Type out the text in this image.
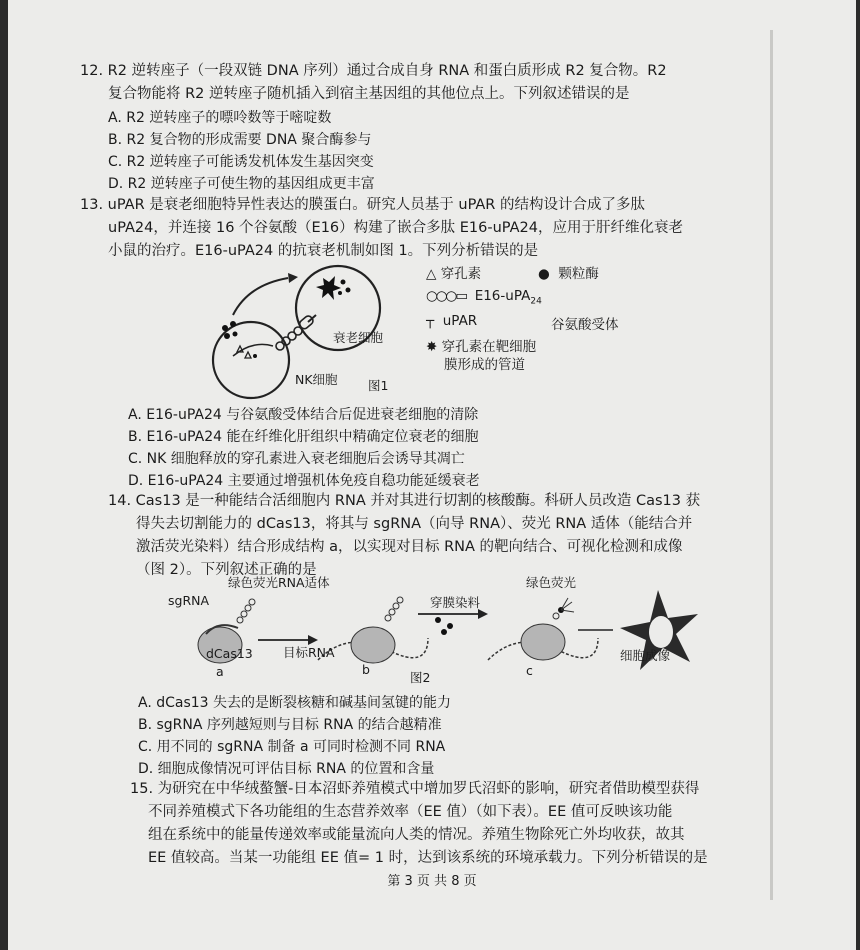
12. R2 逆转座子（一段双链 DNA 序列）通过合成自身 RNA 和蛋白质形成 R2 复合物。R2
复合物能将 R2 逆转座子随机插入到宿主基因组的其他位点上。下列叙述错误的是
A. R2 逆转座子的嘌呤数等于嘧啶数
B. R2 复合物的形成需要 DNA 聚合酶参与
C. R2 逆转座子可能诱发机体发生基因突变
D. R2 逆转座子可使生物的基因组成更丰富
13. uPAR 是衰老细胞特异性表达的膜蛋白。研究人员基于 uPAR 的结构设计合成了多肽
uPA24，并连接 16 个谷氨酸（E16）构建了嵌合多肽 E16-uPA24，应用于肝纤维化衰老
小鼠的治疗。E16-uPA24 的抗衰老机制如图 1。下列分析错误的是
衰老细胞
NK细胞 图1
△ 穿孔素	● 颗粒酶
○○○▭ E16-uPA$_{24}$
┬ uPAR	谷氨酸受体
✸ 穿孔素在靶细胞
膜形成的管道
A. E16-uPA24 与谷氨酸受体结合后促进衰老细胞的清除
B. E16-uPA24 能在纤维化肝组织中精确定位衰老的细胞
C. NK 细胞释放的穿孔素进入衰老细胞后会诱导其凋亡
D. E16-uPA24 主要通过增强机体免疫自稳功能延缓衰老
14. Cas13 是一种能结合活细胞内 RNA 并对其进行切割的核酸酶。科研人员改造 Cas13 获
得失去切割能力的 dCas13，将其与 sgRNA（向导 RNA）、荧光 RNA 适体（能结合并
激活荧光染料）结合形成结构 a，以实现对目标 RNA 的靶向结合、可视化检测和成像
（图 2）。下列叙述正确的是
绿色荧光RNA适体
sgRNA	穿膜染料
绿色荧光
dCas13 目标RNA	细胞成像
a	b
图2	c
A. dCas13 失去的是断裂核糖和碱基间氢键的能力
B. sgRNA 序列越短则与目标 RNA 的结合越精准
C. 用不同的 sgRNA 制备 a 可同时检测不同 RNA
D. 细胞成像情况可评估目标 RNA 的位置和含量
15. 为研究在中华绒螯蟹-日本沼虾养殖模式中增加罗氏沼虾的影响，研究者借助模型获得
不同养殖模式下各功能组的生态营养效率（EE 值）（如下表）。EE 值可反映该功能
组在系统中的能量传递效率或能量流向人类的情况。养殖生物除死亡外均收获，故其
EE 值较高。当某一功能组 EE 值= 1 时，达到该系统的环境承载力。下列分析错误的是
第 3 页 共 8 页
